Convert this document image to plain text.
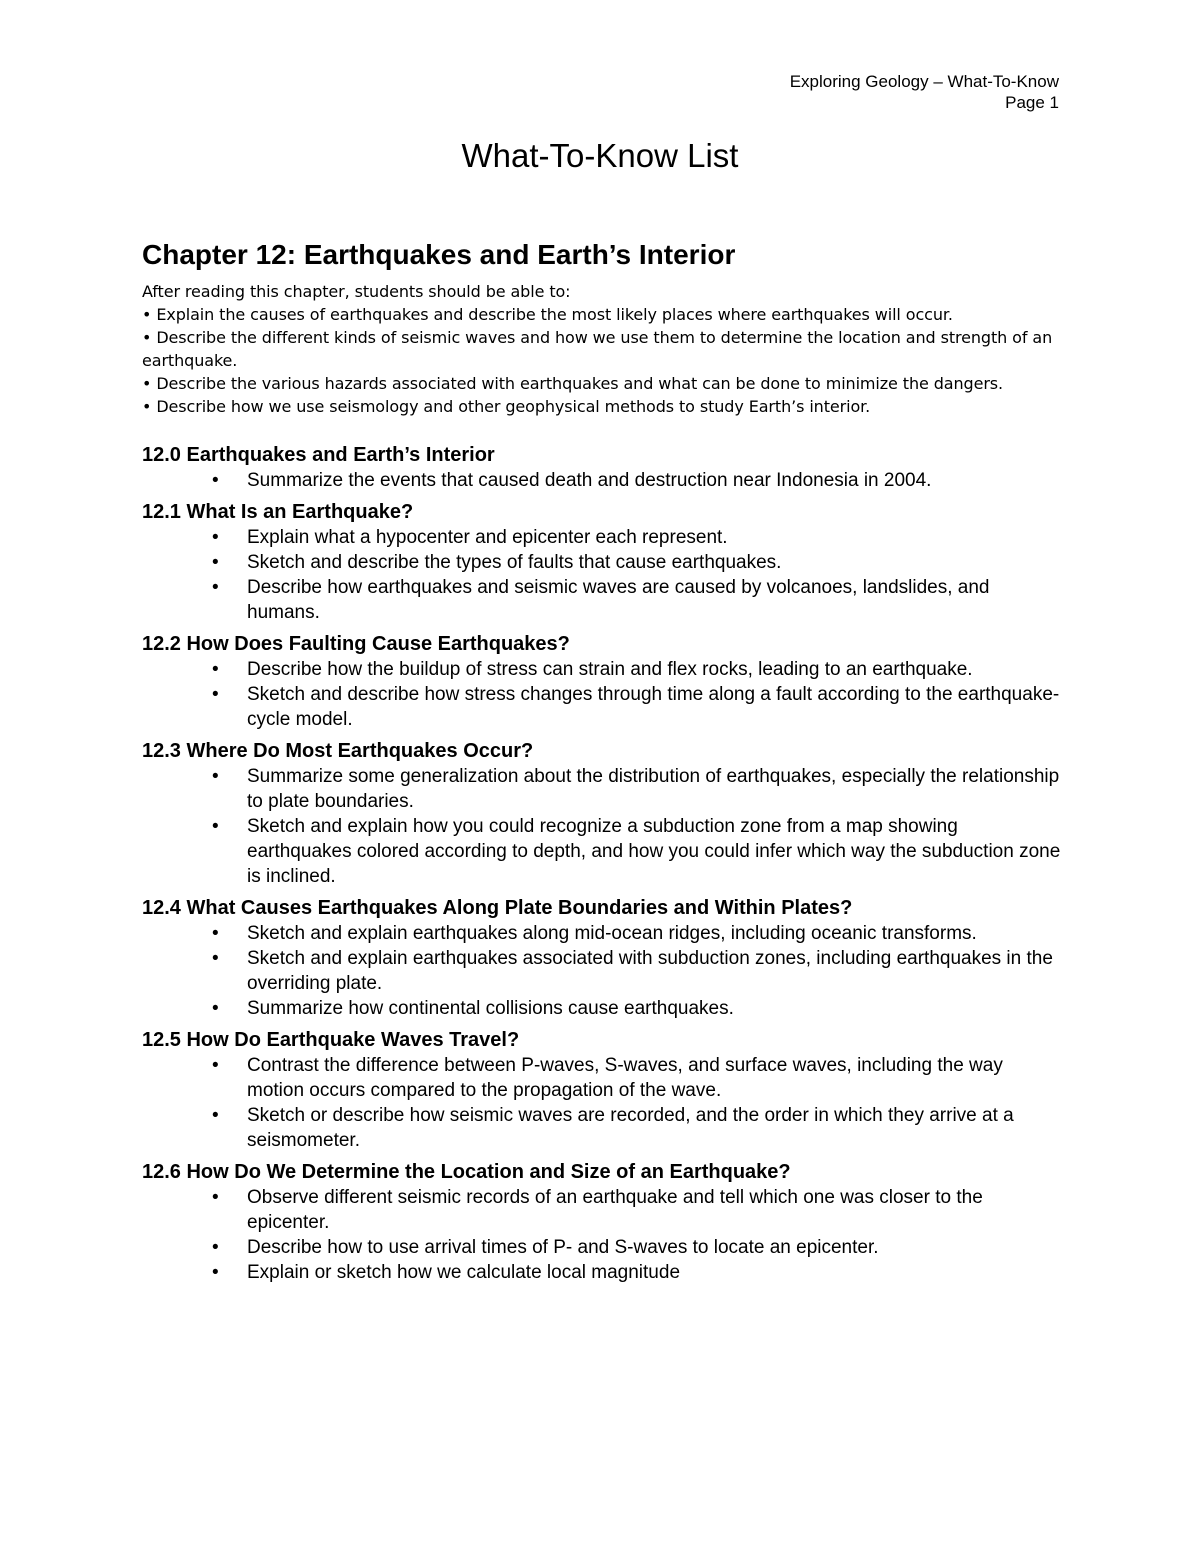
Exploring Geology – What-To-Know
Page 1
What-To-Know List
Chapter 12: Earthquakes and Earth’s Interior
After reading this chapter, students should be able to:
• Explain the causes of earthquakes and describe the most likely places where earthquakes will occur.
• Describe the different kinds of seismic waves and how we use them to determine the location and strength of an earthquake.
• Describe the various hazards associated with earthquakes and what can be done to minimize the dangers.
• Describe how we use seismology and other geophysical methods to study Earth’s interior.
12.0 Earthquakes and Earth’s Interior
• Summarize the events that caused death and destruction near Indonesia in 2004.
12.1 What Is an Earthquake?
• Explain what a hypocenter and epicenter each represent.
• Sketch and describe the types of faults that cause earthquakes.
• Describe how earthquakes and seismic waves are caused by volcanoes, landslides, and humans.
12.2 How Does Faulting Cause Earthquakes?
• Describe how the buildup of stress can strain and flex rocks, leading to an earthquake.
• Sketch and describe how stress changes through time along a fault according to the earthquake-cycle model.
12.3 Where Do Most Earthquakes Occur?
• Summarize some generalization about the distribution of earthquakes, especially the relationship to plate boundaries.
• Sketch and explain how you could recognize a subduction zone from a map showing earthquakes colored according to depth, and how you could infer which way the subduction zone is inclined.
12.4 What Causes Earthquakes Along Plate Boundaries and Within Plates?
• Sketch and explain earthquakes along mid-ocean ridges, including oceanic transforms.
• Sketch and explain earthquakes associated with subduction zones, including earthquakes in the overriding plate.
• Summarize how continental collisions cause earthquakes.
12.5 How Do Earthquake Waves Travel?
• Contrast the difference between P-waves, S-waves, and surface waves, including the way motion occurs compared to the propagation of the wave.
• Sketch or describe how seismic waves are recorded, and the order in which they arrive at a seismometer.
12.6 How Do We Determine the Location and Size of an Earthquake?
• Observe different seismic records of an earthquake and tell which one was closer to the epicenter.
• Describe how to use arrival times of P- and S-waves to locate an epicenter.
• Explain or sketch how we calculate local magnitude
